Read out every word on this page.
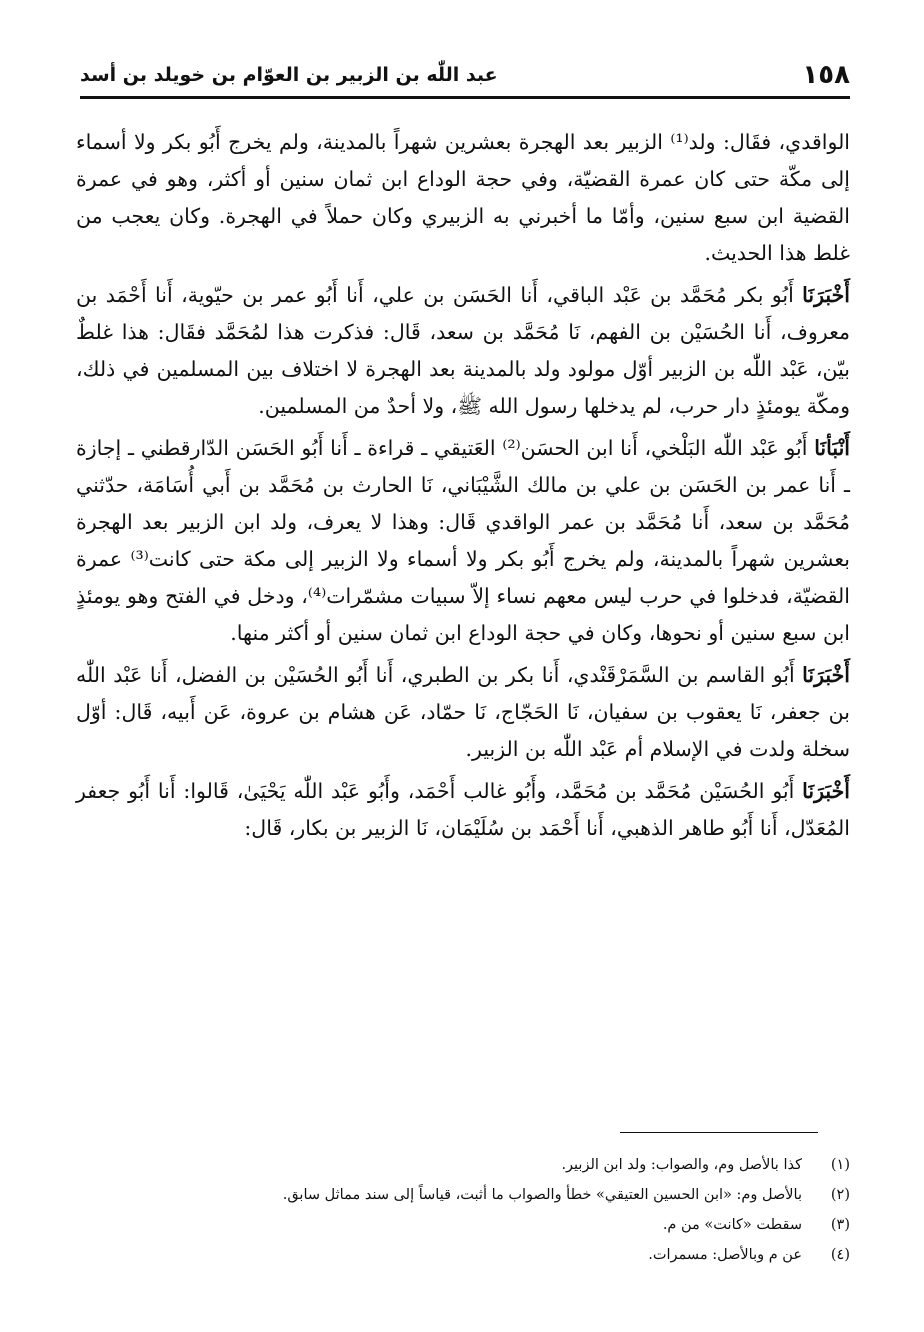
١٥٨
عبد اللّٰه بن الزبير بن العوّام بن خويلد بن أسد

الواقدي، فقَال: ولد⁽¹⁾ الزبير بعد الهجرة بعشرين شهراً بالمدينة، ولم يخرج أَبُو بكر ولا أسماء إلى مكّة حتى كان عمرة القضيّة، وفي حجة الوداع ابن ثمان سنين أو أكثر، وهو في عمرة القضية ابن سبع سنين، وأمّا ما أخبرني به الزبيري وكان حملاً في الهجرة. وكان يعجب من غلط هذا الحديث.

أَخْبَرَنَا أَبُو بكر مُحَمَّد بن عَبْد الباقي، أَنا الحَسَن بن علي، أَنا أَبُو عمر بن حيّوية، أَنا أَحْمَد بن معروف، أَنا الحُسَيْن بن الفهم، نَا مُحَمَّد بن سعد، قَال: فذكرت هذا لمُحَمَّد فقَال: هذا غلطٌ بيّن، عَبْد اللّٰه بن الزبير أوّل مولود ولد بالمدينة بعد الهجرة لا اختلاف بين المسلمين في ذلك، ومكّة يومئذٍ دار حرب، لم يدخلها رسول الله ﷺ، ولا أحدٌ من المسلمين.

أَنْبَأنَا أَبُو عَبْد اللّٰه البَلْخي، أَنا ابن الحسَن⁽²⁾ العَتيقي ـ قراءة ـ أَنا أَبُو الحَسَن الدّارقطني ـ إجازة ـ أَنا عمر بن الحَسَن بن علي بن مالك الشَّيْبَاني، نَا الحارث بن مُحَمَّد بن أَبي أُسَامَة، حدّثني مُحَمَّد بن سعد، أَنا مُحَمَّد بن عمر الواقدي قَال: وهذا لا يعرف، ولد ابن الزبير بعد الهجرة بعشرين شهراً بالمدينة، ولم يخرج أَبُو بكر ولا أسماء ولا الزبير إلى مكة حتى كانت⁽³⁾ عمرة القضيّة، فدخلوا في حرب ليس معهم نساء إلاّ سبيات مشمّرات⁽⁴⁾، ودخل في الفتح وهو يومئذٍ ابن سبع سنين أو نحوها، وكان في حجة الوداع ابن ثمان سنين أو أكثر منها.

أَخْبَرَنَا أَبُو القاسم بن السَّمَرْقَنْدي، أَنا بكر بن الطبري، أَنا أَبُو الحُسَيْن بن الفضل، أَنا عَبْد اللّٰه بن جعفر، نَا يعقوب بن سفيان، نَا الحَجّاج، نَا حمّاد، عَن هشام بن عروة، عَن أَبيه، قَال: أوّل سخلة ولدت في الإسلام أم عَبْد اللّٰه بن الزبير.

أَخْبَرَنَا أَبُو الحُسَيْن مُحَمَّد بن مُحَمَّد، وأَبُو غالب أَحْمَد، وأَبُو عَبْد اللّٰه يَحْيَىٰ، قَالوا: أَنا أَبُو جعفر المُعَدّل، أَنا أَبُو طاهر الذهبي، أَنا أَحْمَد بن سُلَيْمَان، نَا الزبير بن بكار، قَال:

(١)كذا بالأصل وم، والصواب: ولد ابن الزبير.
(٢)بالأصل وم: «ابن الحسين العتيقي» خطأ والصواب ما أثبت، قياساً إلى سند مماثل سابق.
(٣)سقطت «كانت» من م.
(٤)عن م وبالأصل: مسمرات.
